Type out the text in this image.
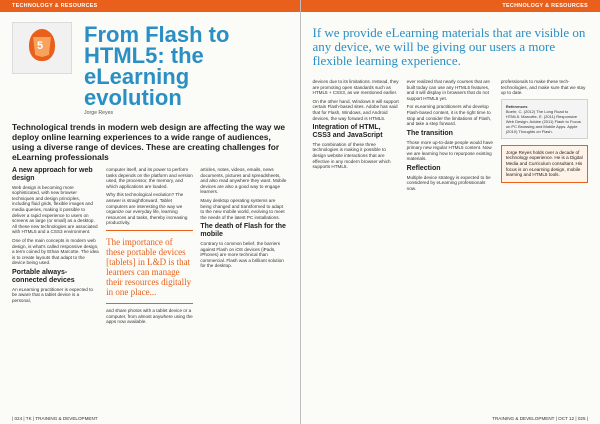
TECHNOLOGY & RESOURCES
5 From Flash to HTML5: the eLearning evolution
Jorge Reyes
Technological trends in modern web design are affecting the way we deploy online learning experiences to a wide range of audiences, using a diverse range of devices. These are creating challenges for eLearning professionals
A new approach for web design

Web design is becoming more sophisticated, with new browser techniques and design principles, including fluid grids, flexible images and media queries, making it possible to deliver a rapid experience to users on screens as large (or small) as a desktop. All these new technologies are associated with HTML5 and a CSS3 environment.

One of the main concepts in modern web design, is what's called responsive design, a term coined by Ethan Marcotte. The idea is to create layouts that adapt to the device being used.

Portable always-connected devices

An eLearning practitioner is expected to be aware that a tablet device is a personal,

computer itself, and its power to perform tasks depends on the platform and version used, the processor, the memory, and which applications are loaded.

Why this technological evolution? The answer is straightforward. Tablet computers are interesting the way we organize our everyday life, learning resources and tasks, thereby increasing productivity.

The importance of these portable devices [tablets] in L&D is that learners can manage their resources digitally in one place...

and share photos with a tablet device or a computer, from almost anywhere using the apps now available.

articles, notes, videos, emails, news documents, pictures and spreadsheets, and also read anywhere they want. Mobile devices are also a good way to engage learners.

Many desktop operating systems are being changed and transformed to adapt to the new mobile world, evolving to meet the needs of the latest PC installations.

The death of Flash for the mobile

Contrary to common belief, the barriers against Flash on iOS devices (iPads, iPhones) are more technical than commercial. Flash was a brilliant solution for the desktop.

| 024 | TK | TRAINING & DEVELOPMENT
TECHNOLOGY & RESOURCES
If we provide eLearning materials that are visible on any device, we will be giving our users a more flexible learning experience.

devices due to its limitations. Instead, they are promoting open standards such as HTML5 + CSS3, as we mentioned earlier.

On the other hand, Windows 8 will support certain Flash-based sites. Adobe has said that for Flash, Windows, and Android devices, the way forward is HTML5.

Integration of HTML, CSS3 and JavaScript

The combination of these three technologies is making it possible to design website interactions that are effective in any modern browser which supports HTML5.

ever realized that nearly courses that are built today can use any HTML5 features, and it will display in browsers that do not support HTML5 yet.

For eLearning practitioners who develop Flash-based content, it is the right time to stop and consider the limitations of Flash, and take a step forward.

The transition

Those more up-to-date people would have primary new regular HTML5 content. Now we are learning how to repurpose existing materials.

Reflection

Multiple device strategy is expected to be considered by eLearning professionals now.

professionals to make these tech-technologies, and make sure that we stay up to date.

References
Boehr, C. (2012) The Long Road to HTML5. Marcotte, E. (2011) Responsive Web Design. Adobe (2011) Flash to Focus on PC Browsing and Mobile Apps. Apple (2010) Thoughts on Flash.
Jorge Reyes holds over a decade of technology experience. He is a Digital Media and Curriculum consultant. His focus is on eLearning design, mobile learning and HTML5 tools.
TRAINING & DEVELOPMENT | OCT 12 | 025 |
